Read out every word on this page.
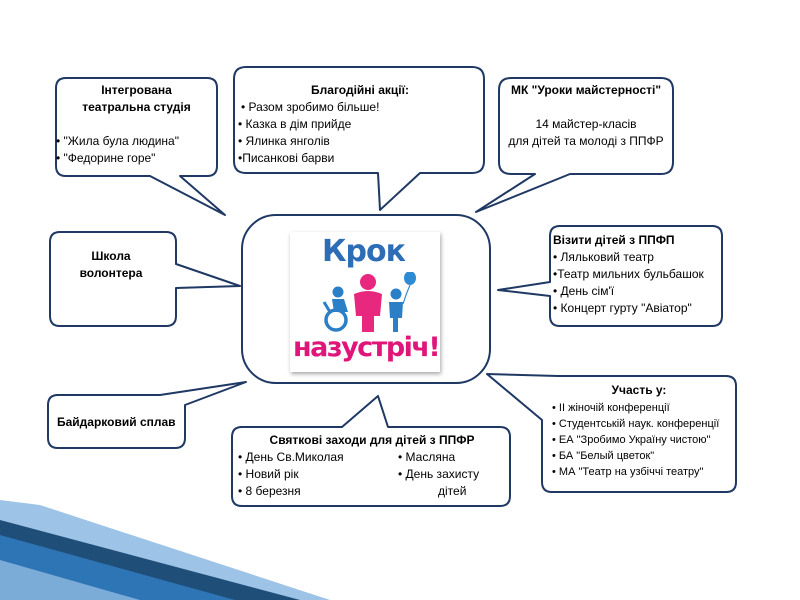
Крок
назустріч!
Інтегрована
театральна студія
• "Жила була людина"
• "Федорине горе"
Благодійні акції:
• Разом зробимо більше!
• Казка в дім прийде
• Ялинка янголів
• Писанкові барви
МК "Уроки майстерності"
14 майстер-класів
для дітей та молоді з ППФР
Школа
волонтера
Візити дітей з ППФП
• Ляльковий театр
• Театр мильних бульбашок
• День сім'ї
• Концерт гурту "Авіатор"
Байдарковий сплав
Святкові заходи для дітей з ППФР
• День Св.Миколая
• Новий рік
• 8 березня
• Масляна
• День захисту
дітей
Участь у:
• ІІ жіночій конференції
• Студентській наук. конференції
• ЕА "Зробимо Україну чистою"
• БА "Белый цветок"
• МА "Театр на узбіччі театру"
